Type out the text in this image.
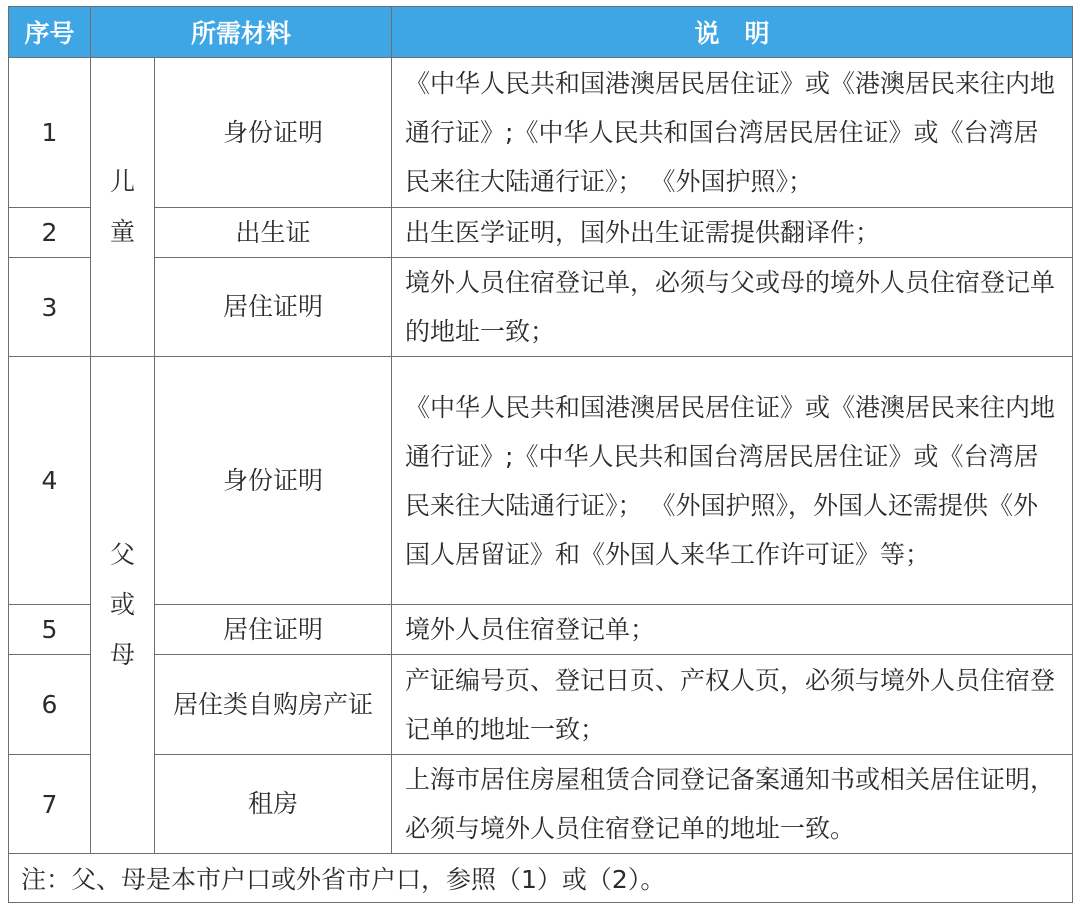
序号	所需材料		说　明
1	儿童	身份证明	《中华人民共和国港澳居民居住证》或《港澳居民来往内地通行证》;《中华人民共和国台湾居民居住证》或《台湾居民来往大陆通行证》； 《外国护照》；
2		出生证	出生医学证明，国外出生证需提供翻译件；
3		居住证明	境外人员住宿登记单，必须与父或母的境外人员住宿登记单的地址一致；
4	父或母	身份证明	《中华人民共和国港澳居民居住证》或《港澳居民来往内地通行证》;《中华人民共和国台湾居民居住证》或《台湾居民来往大陆通行证》； 《外国护照》，外国人还需提供《外国人居留证》和《外国人来华工作许可证》等；
5		居住证明	境外人员住宿登记单；
6		居住类自购房产证	产证编号页、登记日页、产权人页，必须与境外人员住宿登记单的地址一致；
7		租房	上海市居住房屋租赁合同登记备案通知书或相关居住证明，必须与境外人员住宿登记单的地址一致。
注：父、母是本市户口或外省市户口，参照（1）或（2）。			
